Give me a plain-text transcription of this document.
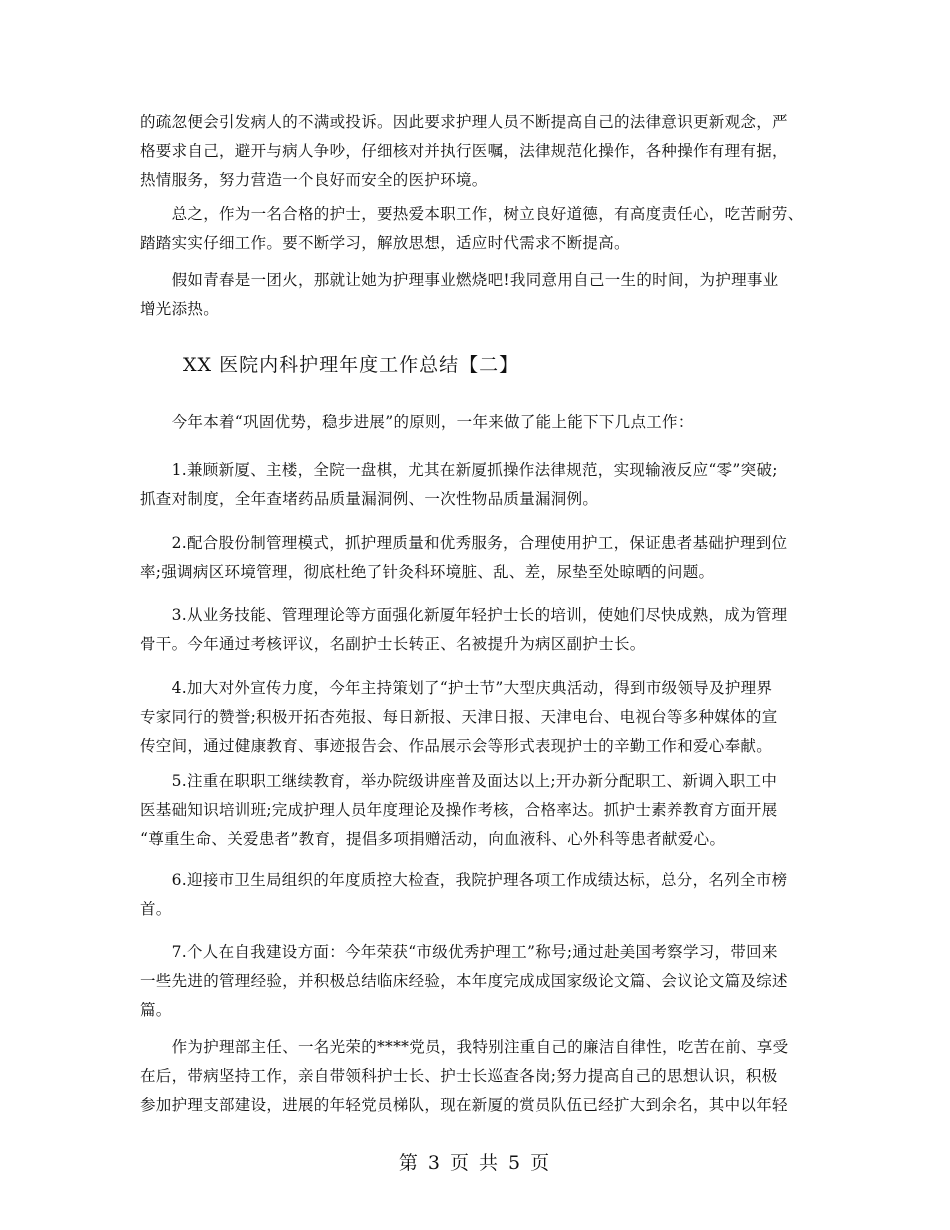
的疏忽便会引发病人的不满或投诉。因此要求护理人员不断提高自己的法律意识更新观念，严
格要求自己，避开与病人争吵，仔细核对并执行医嘱，法律规范化操作，各种操作有理有据，
热情服务，努力营造一个良好而安全的医护环境。

　　总之，作为一名合格的护士，要热爱本职工作，树立良好道德，有高度责任心，吃苦耐劳、
踏踏实实仔细工作。要不断学习，解放思想，适应时代需求不断提高。

　　假如青春是一团火，那就让她为护理事业燃烧吧!我同意用自己一生的时间，为护理事业
增光添热。

XX 医院内科护理年度工作总结【二】

　　今年本着“巩固优势，稳步进展”的原则，一年来做了能上能下下几点工作：

　　1.兼顾新厦、主楼，全院一盘棋，尤其在新厦抓操作法律规范，实现输液反应“零”突破;
抓查对制度，全年查堵药品质量漏洞例、一次性物品质量漏洞例。

　　2.配合股份制管理模式，抓护理质量和优秀服务，合理使用护工，保证患者基础护理到位
率;强调病区环境管理，彻底杜绝了针灸科环境脏、乱、差，尿垫至处晾晒的问题。

　　3.从业务技能、管理理论等方面强化新厦年轻护士长的培训，使她们尽快成熟，成为管理
骨干。今年通过考核评议，名副护士长转正、名被提升为病区副护士长。

　　4.加大对外宣传力度，今年主持策划了“护士节”大型庆典活动，得到市级领导及护理界
专家同行的赞誉;积极开拓杏苑报、每日新报、天津日报、天津电台、电视台等多种媒体的宣
传空间，通过健康教育、事迹报告会、作品展示会等形式表现护士的辛勤工作和爱心奉献。

　　5.注重在职职工继续教育，举办院级讲座普及面达以上;开办新分配职工、新调入职工中
医基础知识培训班;完成护理人员年度理论及操作考核，合格率达。抓护士素养教育方面开展
“尊重生命、关爱患者”教育，提倡多项捐赠活动，向血液科、心外科等患者献爱心。

　　6.迎接市卫生局组织的年度质控大检查，我院护理各项工作成绩达标，总分，名列全市榜
首。

　　7.个人在自我建设方面：今年荣获“市级优秀护理工”称号;通过赴美国考察学习，带回来
一些先进的管理经验，并积极总结临床经验，本年度完成成国家级论文篇、会议论文篇及综述
篇。

　　作为护理部主任、一名光荣的****党员，我特别注重自己的廉洁自律性，吃苦在前、享受
在后，带病坚持工作，亲自带领科护士长、护士长巡查各岗;努力提高自己的思想认识，积极
参加护理支部建设，进展的年轻党员梯队，现在新厦的赏员队伍已经扩大到余名，其中以年轻

第 3 页 共 5 页
